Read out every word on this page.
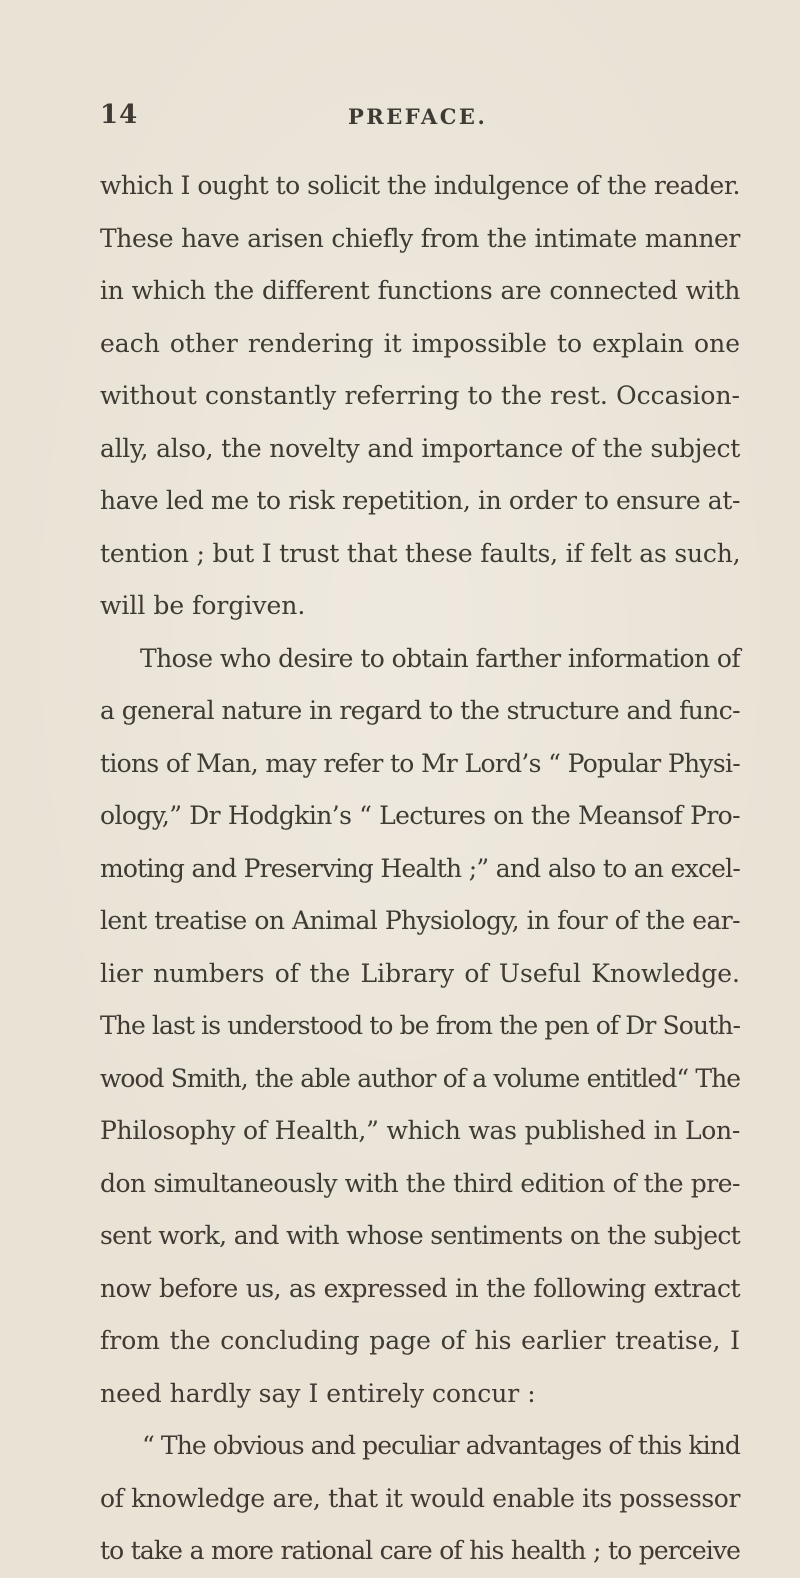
14	PREFACE.

which I ought to solicit the indulgence of the reader.

These have arisen chiefly from the intimate manner

in which the different functions are connected with

each other rendering it impossible to explain one

without constantly referring to the rest. Occasion-

ally, also, the novelty and importance of the subject

have led me to risk repetition, in order to ensure at-

tention ; but I trust that these faults, if felt as such,

will be forgiven.

Those who desire to obtain farther information of

a general nature in regard to the structure and func-

tions of Man, may refer to Mr Lord’s “ Popular Physi-

ology,” Dr Hodgkin’s “ Lectures on the Meansof Pro-

moting and Preserving Health ;” and also to an excel-

lent treatise on Animal Physiology, in four of the ear-

lier numbers of the Library of Useful Knowledge.

The last is understood to be from the pen of Dr South-

wood Smith, the able author of a volume entitled“ The

Philosophy of Health,” which was published in Lon-

don simultaneously with the third edition of the pre-

sent work, and with whose sentiments on the subject

now before us, as expressed in the following extract

from the concluding page of his earlier treatise, I

need hardly say I entirely concur :

“ The obvious and peculiar advantages of this kind

of knowledge are, that it would enable its possessor

to take a more rational care of his health ; to perceive
